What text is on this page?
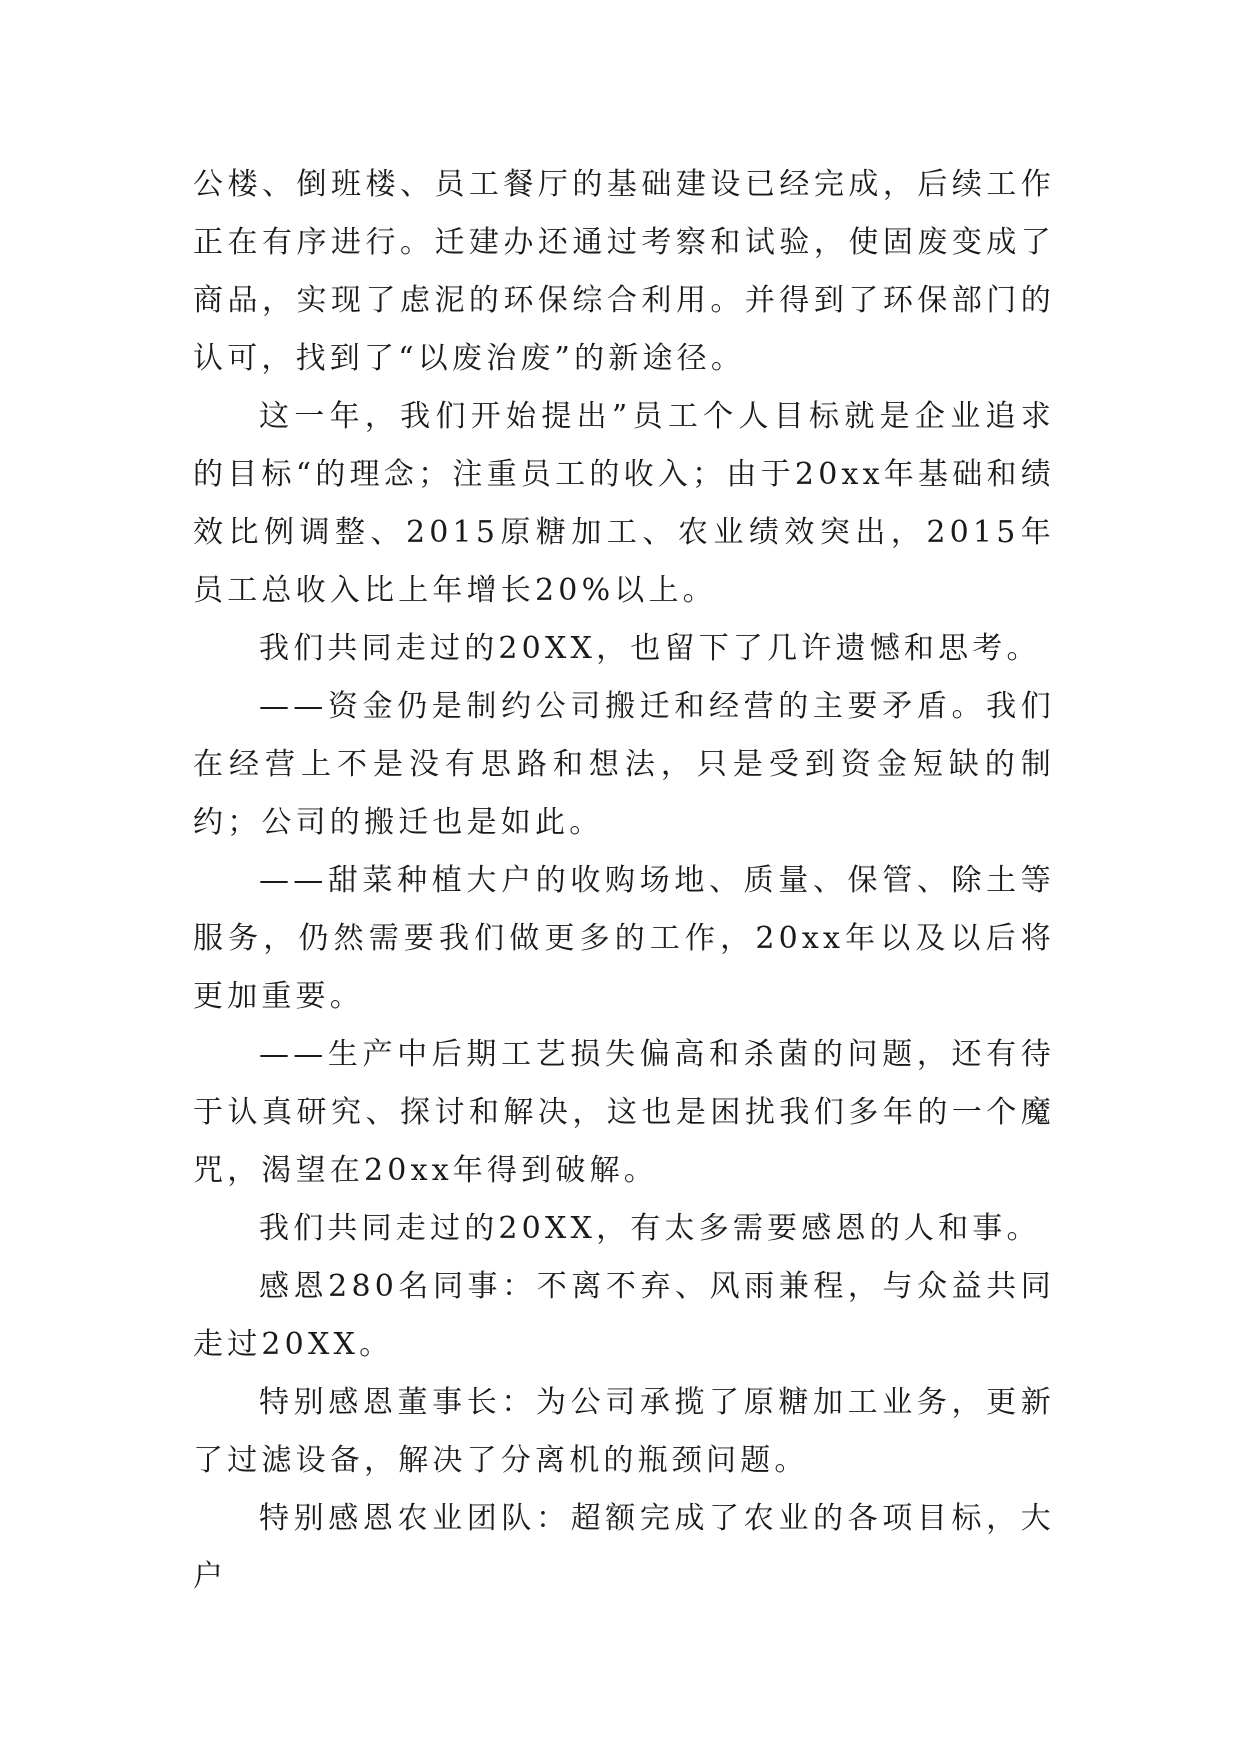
公楼、倒班楼、员工餐厅的基础建设已经完成，后续工作正在有序进行。迁建办还通过考察和试验，使固废变成了商品，实现了虑泥的环保综合利用。并得到了环保部门的认可，找到了“以废治废”的新途径。

这一年，我们开始提出”员工个人目标就是企业追求的目标“的理念；注重员工的收入；由于20xx年基础和绩效比例调整、2015原糖加工、农业绩效突出，2015年员工总收入比上年增长20%以上。

我们共同走过的20XX，也留下了几许遗憾和思考。

——资金仍是制约公司搬迁和经营的主要矛盾。我们在经营上不是没有思路和想法，只是受到资金短缺的制约；公司的搬迁也是如此。

——甜菜种植大户的收购场地、质量、保管、除土等服务，仍然需要我们做更多的工作，20xx年以及以后将更加重要。

——生产中后期工艺损失偏高和杀菌的问题，还有待于认真研究、探讨和解决，这也是困扰我们多年的一个魔咒，渴望在20xx年得到破解。

我们共同走过的20XX，有太多需要感恩的人和事。

感恩280名同事：不离不弃、风雨兼程，与众益共同走过20XX。

特别感恩董事长：为公司承揽了原糖加工业务，更新了过滤设备，解决了分离机的瓶颈问题。

特别感恩农业团队：超额完成了农业的各项目标，大户
